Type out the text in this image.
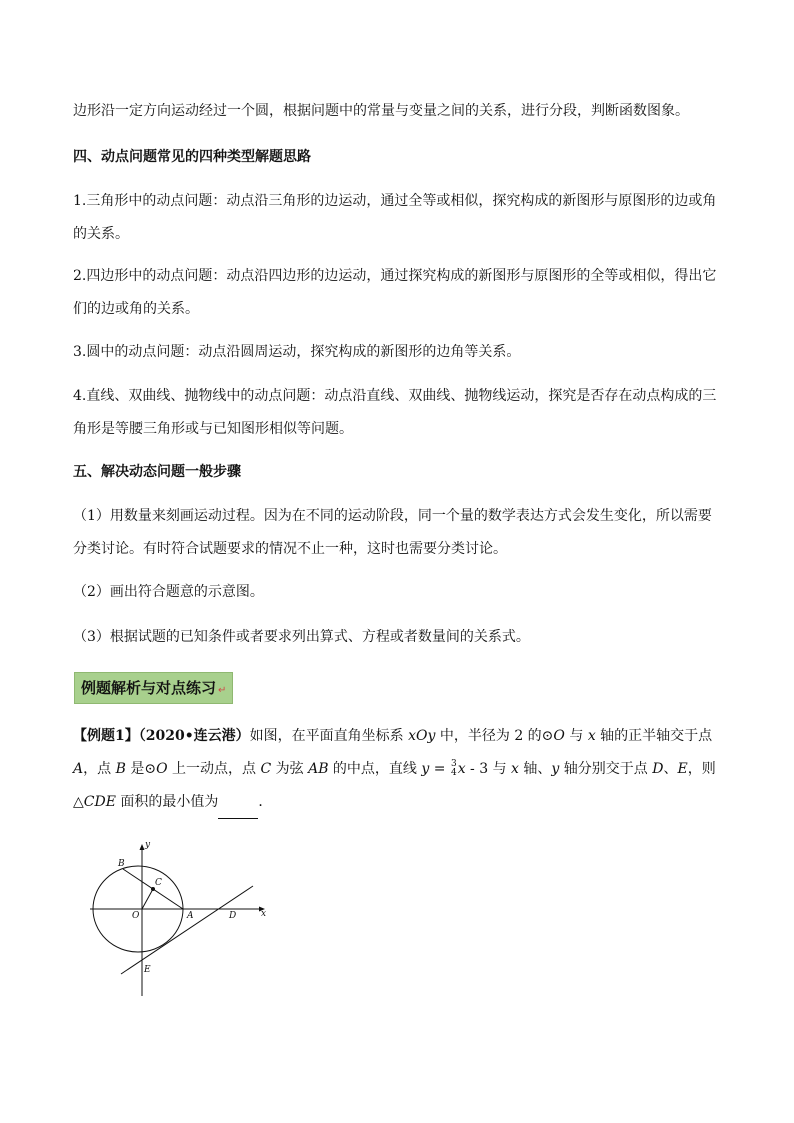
边形沿一定方向运动经过一个圆，根据问题中的常量与变量之间的关系，进行分段，判断函数图象。

四、动点问题常见的四种类型解题思路

1.三角形中的动点问题：动点沿三角形的边运动，通过全等或相似，探究构成的新图形与原图形的边或角的关系。

2.四边形中的动点问题：动点沿四边形的边运动，通过探究构成的新图形与原图形的全等或相似，得出它们的边或角的关系。

3.圆中的动点问题：动点沿圆周运动，探究构成的新图形的边角等关系。

4.直线、双曲线、抛物线中的动点问题：动点沿直线、双曲线、抛物线运动，探究是否存在动点构成的三角形是等腰三角形或与已知图形相似等问题。

五、解决动态问题一般步骤

（1）用数量来刻画运动过程。因为在不同的运动阶段，同一个量的数学表达方式会发生变化，所以需要分类讨论。有时符合试题要求的情况不止一种，这时也需要分类讨论。

（2）画出符合题意的示意图。

（3）根据试题的已知条件或者要求列出算式、方程或者数量间的关系式。

例题解析与对点练习 ↵

【例题1】（2020•连云港）如图，在平面直角坐标系 xOy 中，半径为 2 的⊙O 与 x 轴的正半轴交于点 A，点 B 是⊙O 上一动点，点 C 为弦 AB 的中点，直线 y = 3
4 x - 3 与 x 轴、y 轴分别交于点 D、E，则△CDE 面积的最小值为	．

x
y
B
C
O	A	D
E
